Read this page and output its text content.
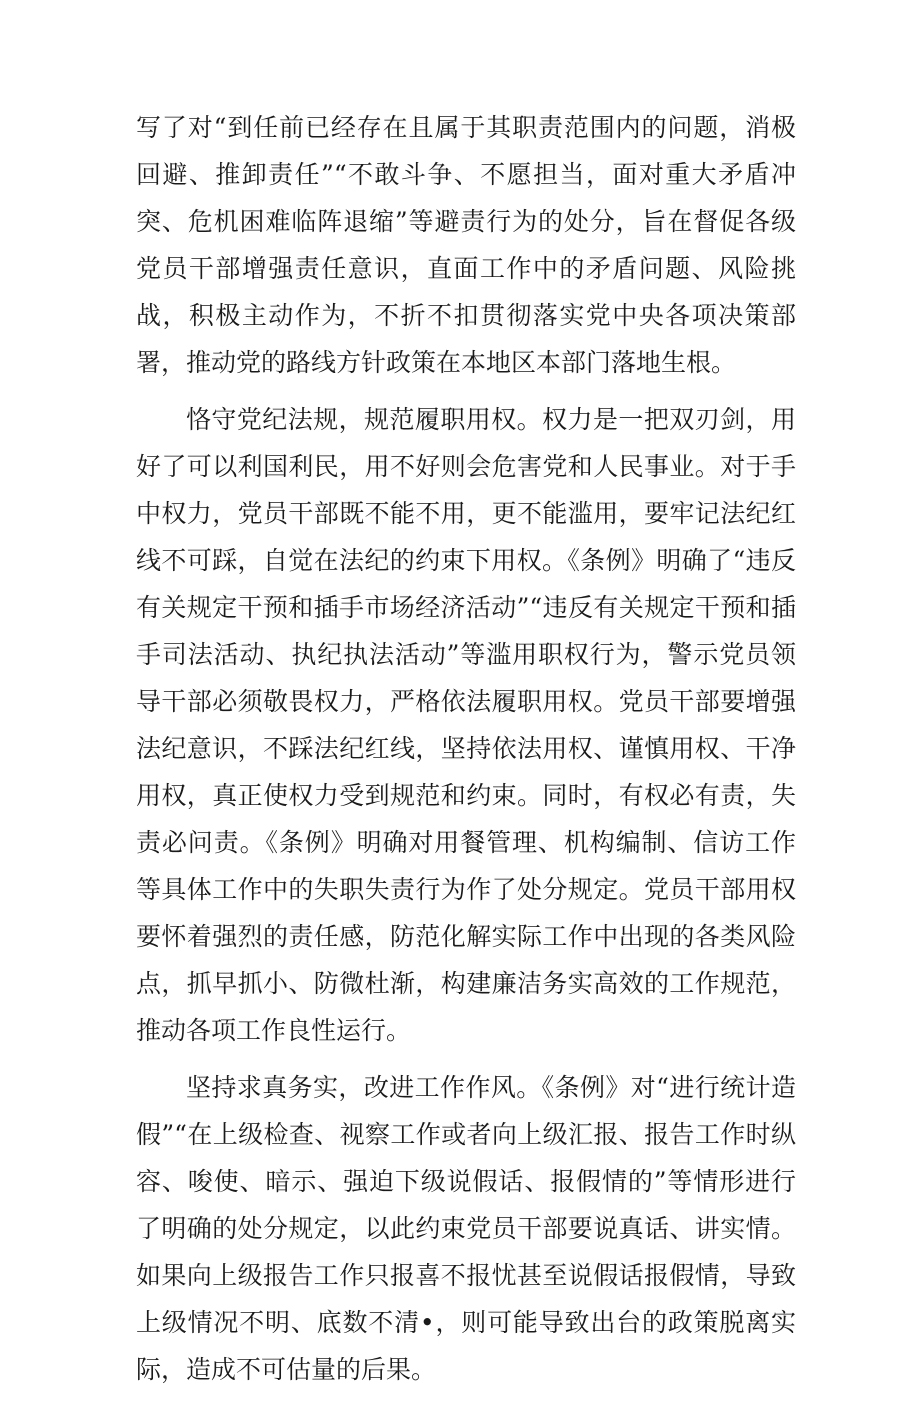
写了对“到任前已经存在且属于其职责范围内的问题，消极回避、推卸责任”“不敢斗争、不愿担当，面对重大矛盾冲突、危机困难临阵退缩”等避责行为的处分，旨在督促各级党员干部增强责任意识，直面工作中的矛盾问题、风险挑战，积极主动作为，不折不扣贯彻落实党中央各项决策部署，推动党的路线方针政策在本地区本部门落地生根。

恪守党纪法规，规范履职用权。权力是一把双刃剑，用好了可以利国利民，用不好则会危害党和人民事业。对于手中权力，党员干部既不能不用，更不能滥用，要牢记法纪红线不可踩，自觉在法纪的约束下用权。《条例》明确了“违反有关规定干预和插手市场经济活动”“违反有关规定干预和插手司法活动、执纪执法活动”等滥用职权行为，警示党员领导干部必须敬畏权力，严格依法履职用权。党员干部要增强法纪意识，不踩法纪红线，坚持依法用权、谨慎用权、干净用权，真正使权力受到规范和约束。同时，有权必有责，失责必问责。《条例》明确对用餐管理、机构编制、信访工作等具体工作中的失职失责行为作了处分规定。党员干部用权要怀着强烈的责任感，防范化解实际工作中出现的各类风险点，抓早抓小、防微杜渐，构建廉洁务实高效的工作规范，推动各项工作良性运行。

坚持求真务实，改进工作作风。《条例》对“进行统计造假”“在上级检查、视察工作或者向上级汇报、报告工作时纵容、唆使、暗示、强迫下级说假话、报假情的”等情形进行了明确的处分规定，以此约束党员干部要说真话、讲实情。如果向上级报告工作只报喜不报忧甚至说假话报假情，导致上级情况不明、底数不清•，则可能导致出台的政策脱离实际，造成不可估量的后果。
